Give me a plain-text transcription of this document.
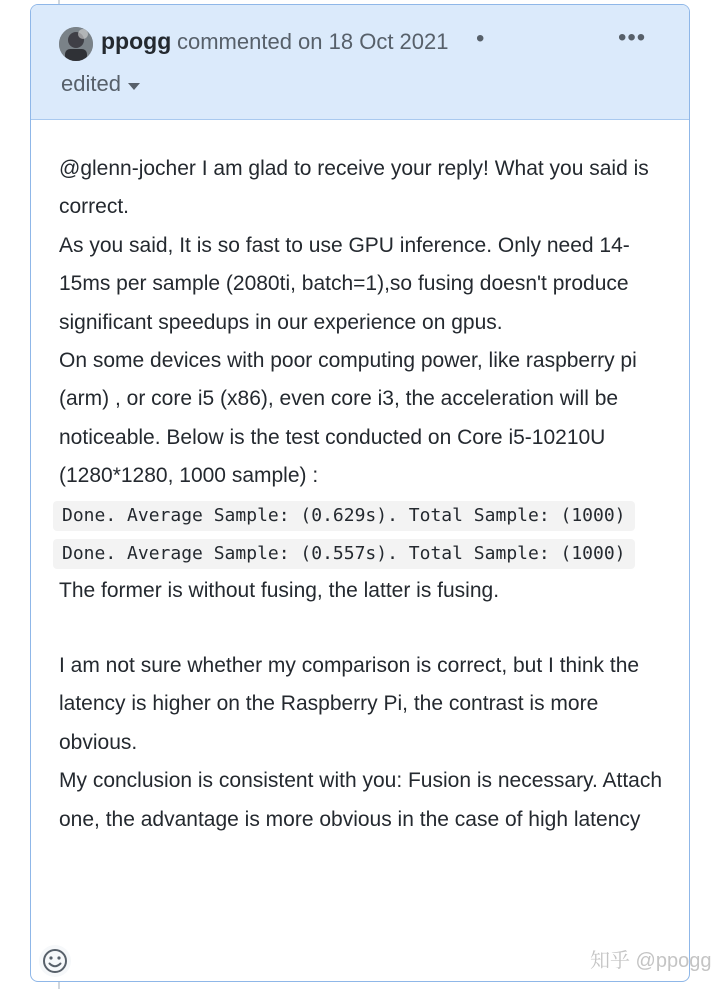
ppogg commented on 18 Oct 2021 •	•••
edited

@glenn-jocher I am glad to receive your reply! What you said is correct.

As you said, It is so fast to use GPU inference. Only need 14-15ms per sample (2080ti, batch=1),so fusing doesn't produce significant speedups in our experience on gpus.

On some devices with poor computing power, like raspberry pi (arm) , or core i5 (x86), even core i3, the acceleration will be noticeable. Below is the test conducted on Core i5-10210U (1280*1280, 1000 sample) :

Done. Average Sample: (0.629s). Total Sample: (1000)
Done. Average Sample: (0.557s). Total Sample: (1000)

The former is without fusing, the latter is fusing.

I am not sure whether my comparison is correct, but I think the latency is higher on the Raspberry Pi, the contrast is more obvious.

My conclusion is consistent with you: Fusion is necessary. Attach one, the advantage is more obvious in the case of high latency

知乎 @ppogg
